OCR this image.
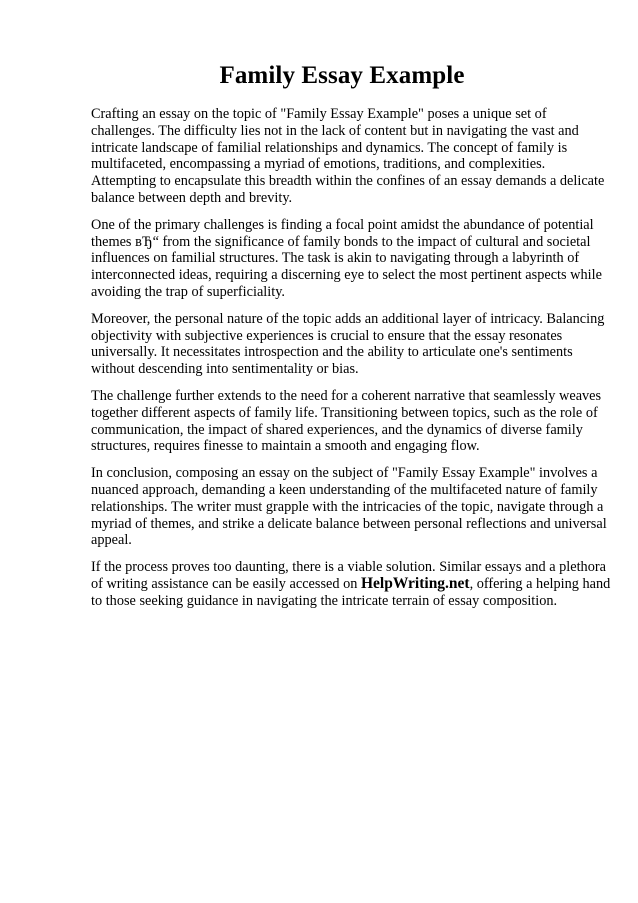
Family Essay Example

Crafting an essay on the topic of "Family Essay Example" poses a unique set of challenges. The difficulty lies not in the lack of content but in navigating the vast and intricate landscape of familial relationships and dynamics. The concept of family is multifaceted, encompassing a myriad of emotions, traditions, and complexities. Attempting to encapsulate this breadth within the confines of an essay demands a delicate balance between depth and brevity.

One of the primary challenges is finding a focal point amidst the abundance of potential themes вЂ“ from the significance of family bonds to the impact of cultural and societal influences on familial structures. The task is akin to navigating through a labyrinth of interconnected ideas, requiring a discerning eye to select the most pertinent aspects while avoiding the trap of superficiality.

Moreover, the personal nature of the topic adds an additional layer of intricacy. Balancing objectivity with subjective experiences is crucial to ensure that the essay resonates universally. It necessitates introspection and the ability to articulate one's sentiments without descending into sentimentality or bias.

The challenge further extends to the need for a coherent narrative that seamlessly weaves together different aspects of family life. Transitioning between topics, such as the role of communication, the impact of shared experiences, and the dynamics of diverse family structures, requires finesse to maintain a smooth and engaging flow.

In conclusion, composing an essay on the subject of "Family Essay Example" involves a nuanced approach, demanding a keen understanding of the multifaceted nature of family relationships. The writer must grapple with the intricacies of the topic, navigate through a myriad of themes, and strike a delicate balance between personal reflections and universal appeal.

If the process proves too daunting, there is a viable solution. Similar essays and a plethora of writing assistance can be easily accessed on HelpWriting.net, offering a helping hand to those seeking guidance in navigating the intricate terrain of essay composition.
